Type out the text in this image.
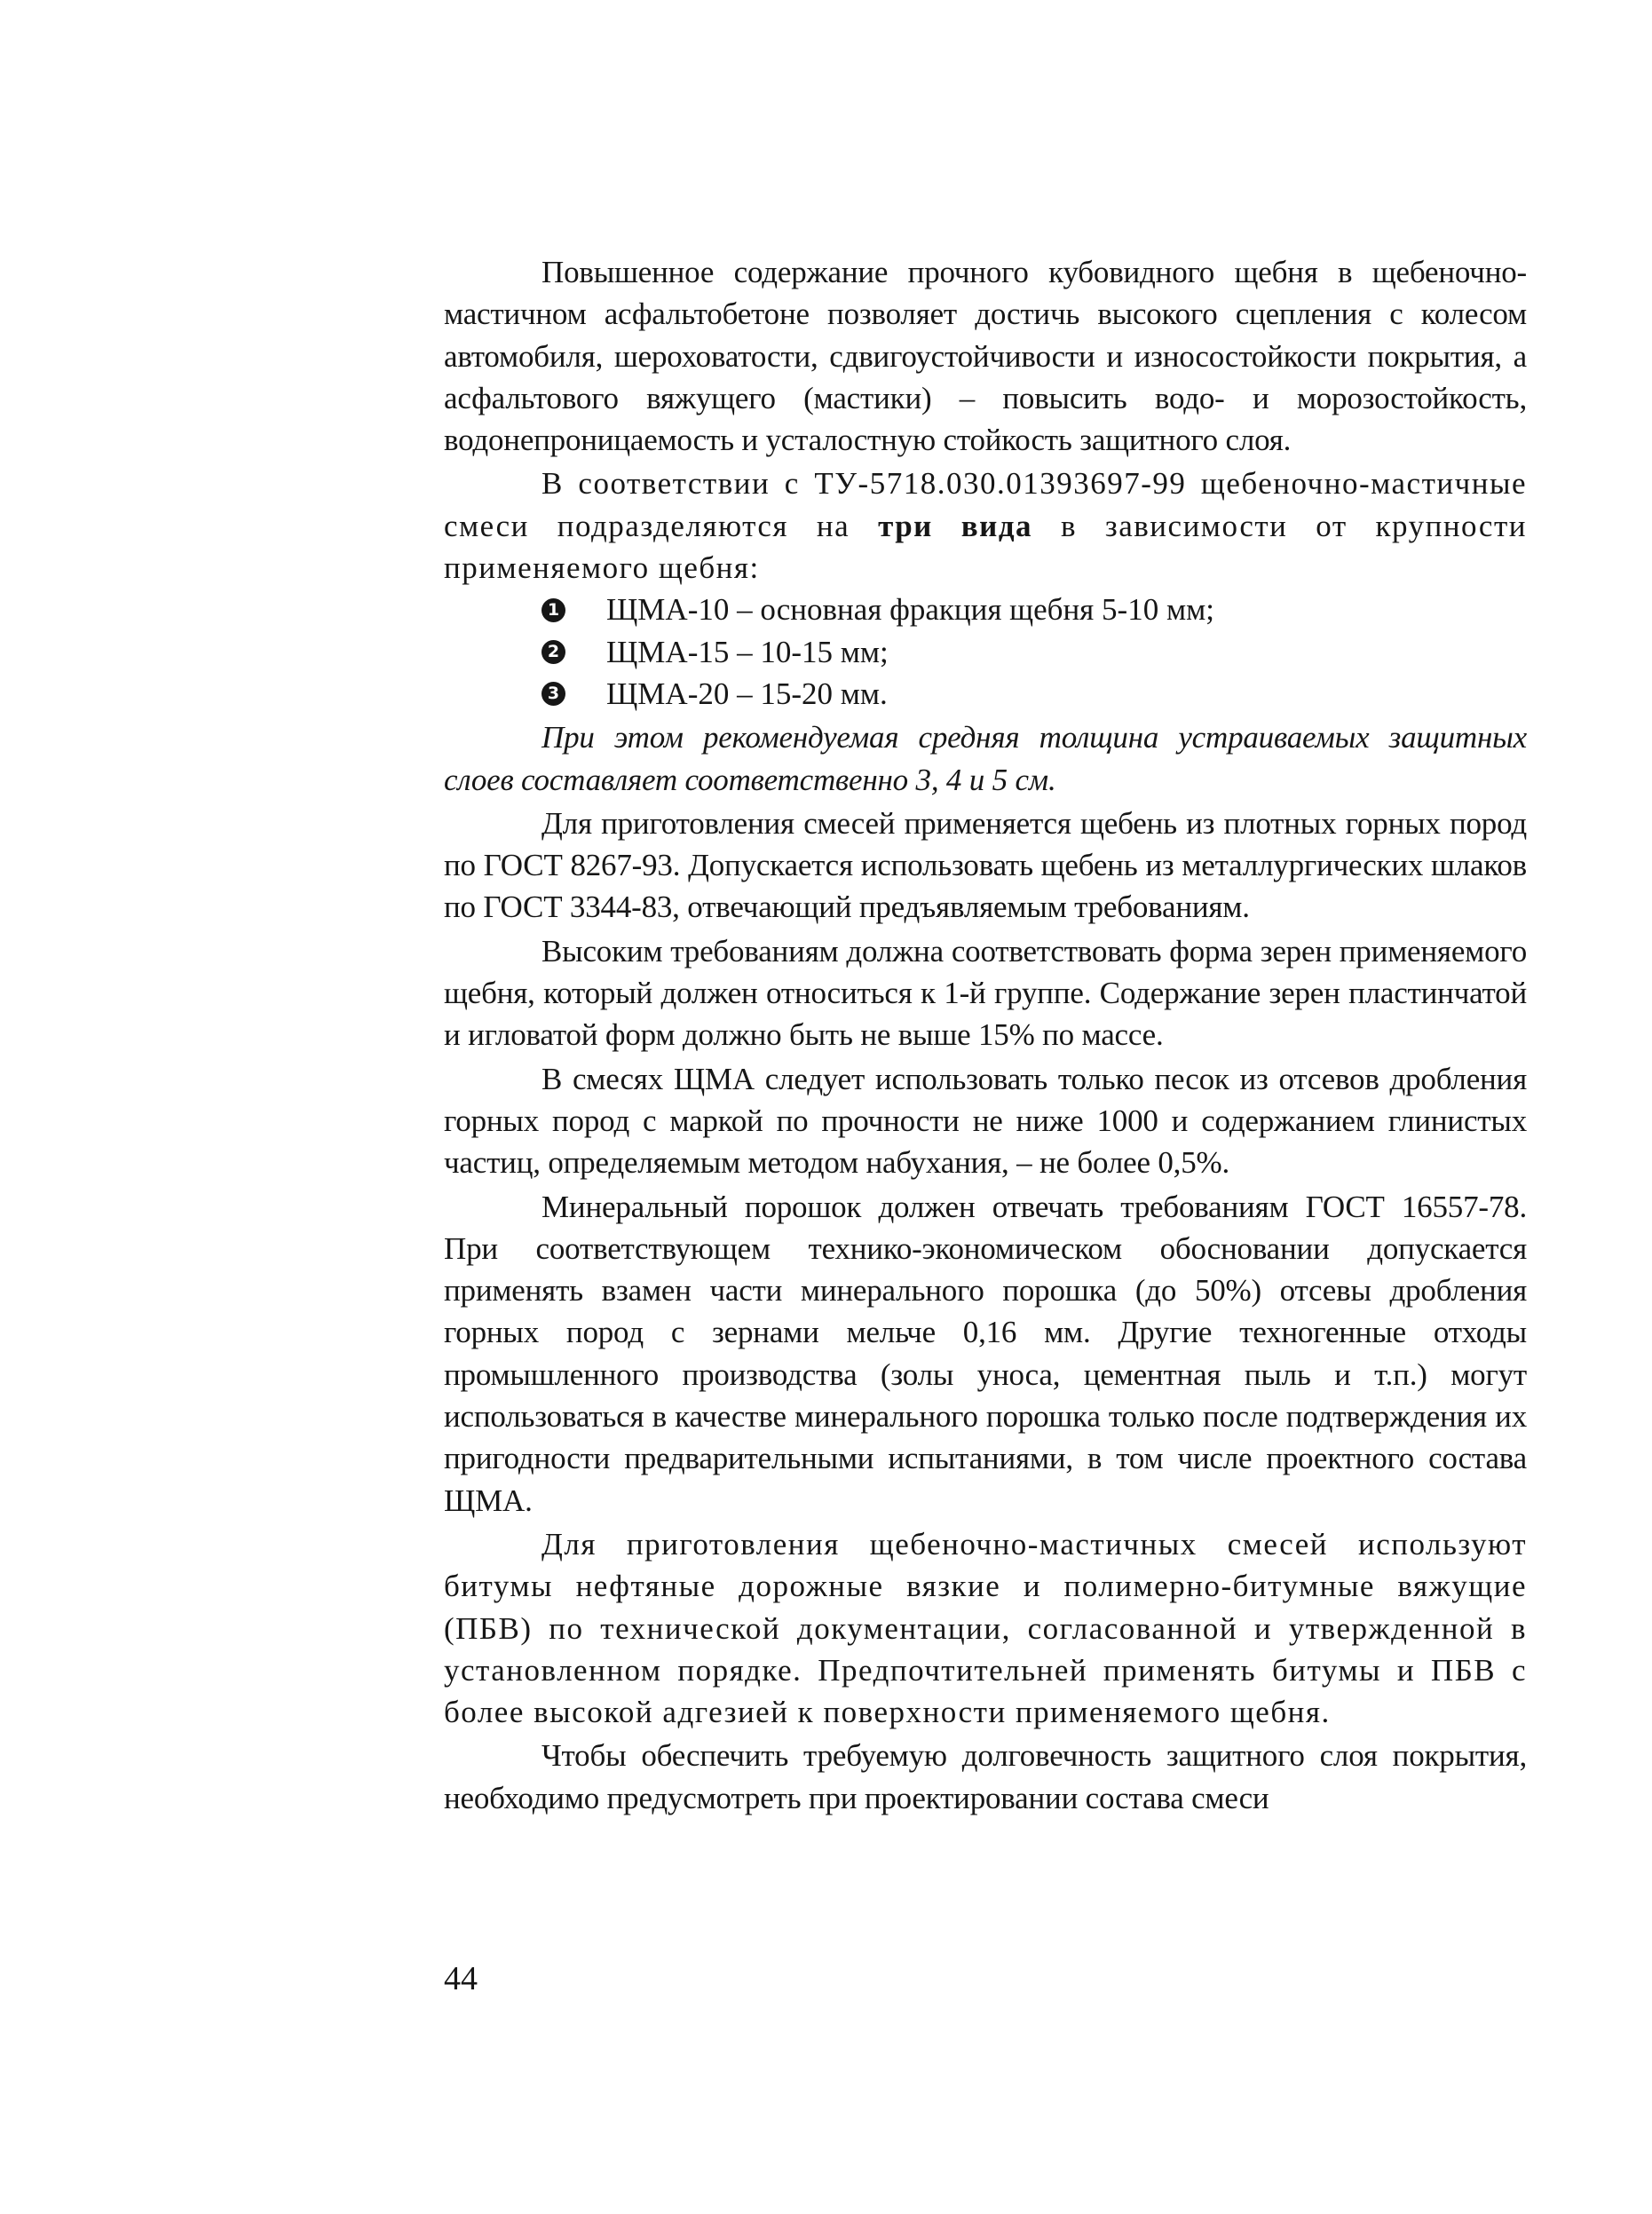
Повышенное содержание прочного кубовидного щебня в щебеночно-мастичном асфальтобетоне позволяет достичь высокого сцепления с колесом автомобиля, шероховатости, сдвигоустойчивости и износостойкости покрытия, а асфальтового вяжущего (мастики) – повысить водо- и морозостойкость, водонепроницаемость и усталостную стойкость защитного слоя.

В соответствии с ТУ-5718.030.01393697-99 щебеночно-мастичные смеси подразделяются на три вида в зависимости от крупности применяемого щебня:

1 ЩМА-10 – основная фракция щебня 5-10 мм;
2 ЩМА-15 – 10-15 мм;
3 ЩМА-20 – 15-20 мм.

При этом рекомендуемая средняя толщина устраиваемых защитных слоев составляет соответственно 3, 4 и 5 см.

Для приготовления смесей применяется щебень из плотных горных пород по ГОСТ 8267-93. Допускается использовать щебень из металлургических шлаков по ГОСТ 3344-83, отвечающий предъявляемым требованиям.

Высоким требованиям должна соответствовать форма зерен применяемого щебня, который должен относиться к 1-й группе. Содержание зерен пластинчатой и игловатой форм должно быть не выше 15% по массе.

В смесях ЩМА следует использовать только песок из отсевов дробления горных пород с маркой по прочности не ниже 1000 и содержанием глинистых частиц, определяемым методом набухания, – не более 0,5%.

Минеральный порошок должен отвечать требованиям ГОСТ 16557-78. При соответствующем технико-экономическом обосновании допускается применять взамен части минерального порошка (до 50%) отсевы дробления горных пород с зернами мельче 0,16 мм. Другие техногенные отходы промышленного производства (золы уноса, цементная пыль и т.п.) могут использоваться в качестве минерального порошка только после подтверждения их пригодности предварительными испытаниями, в том числе проектного состава ЩМА.

Для приготовления щебеночно-мастичных смесей используют битумы нефтяные дорожные вязкие и полимерно-битумные вяжущие (ПБВ) по технической документации, согласованной и утвержденной в установленном порядке. Предпочтительней применять битумы и ПБВ с более высокой адгезией к поверхности применяемого щебня.

Чтобы обеспечить требуемую долговечность защитного слоя покрытия, необходимо предусмотреть при проектировании состава смеси

44
